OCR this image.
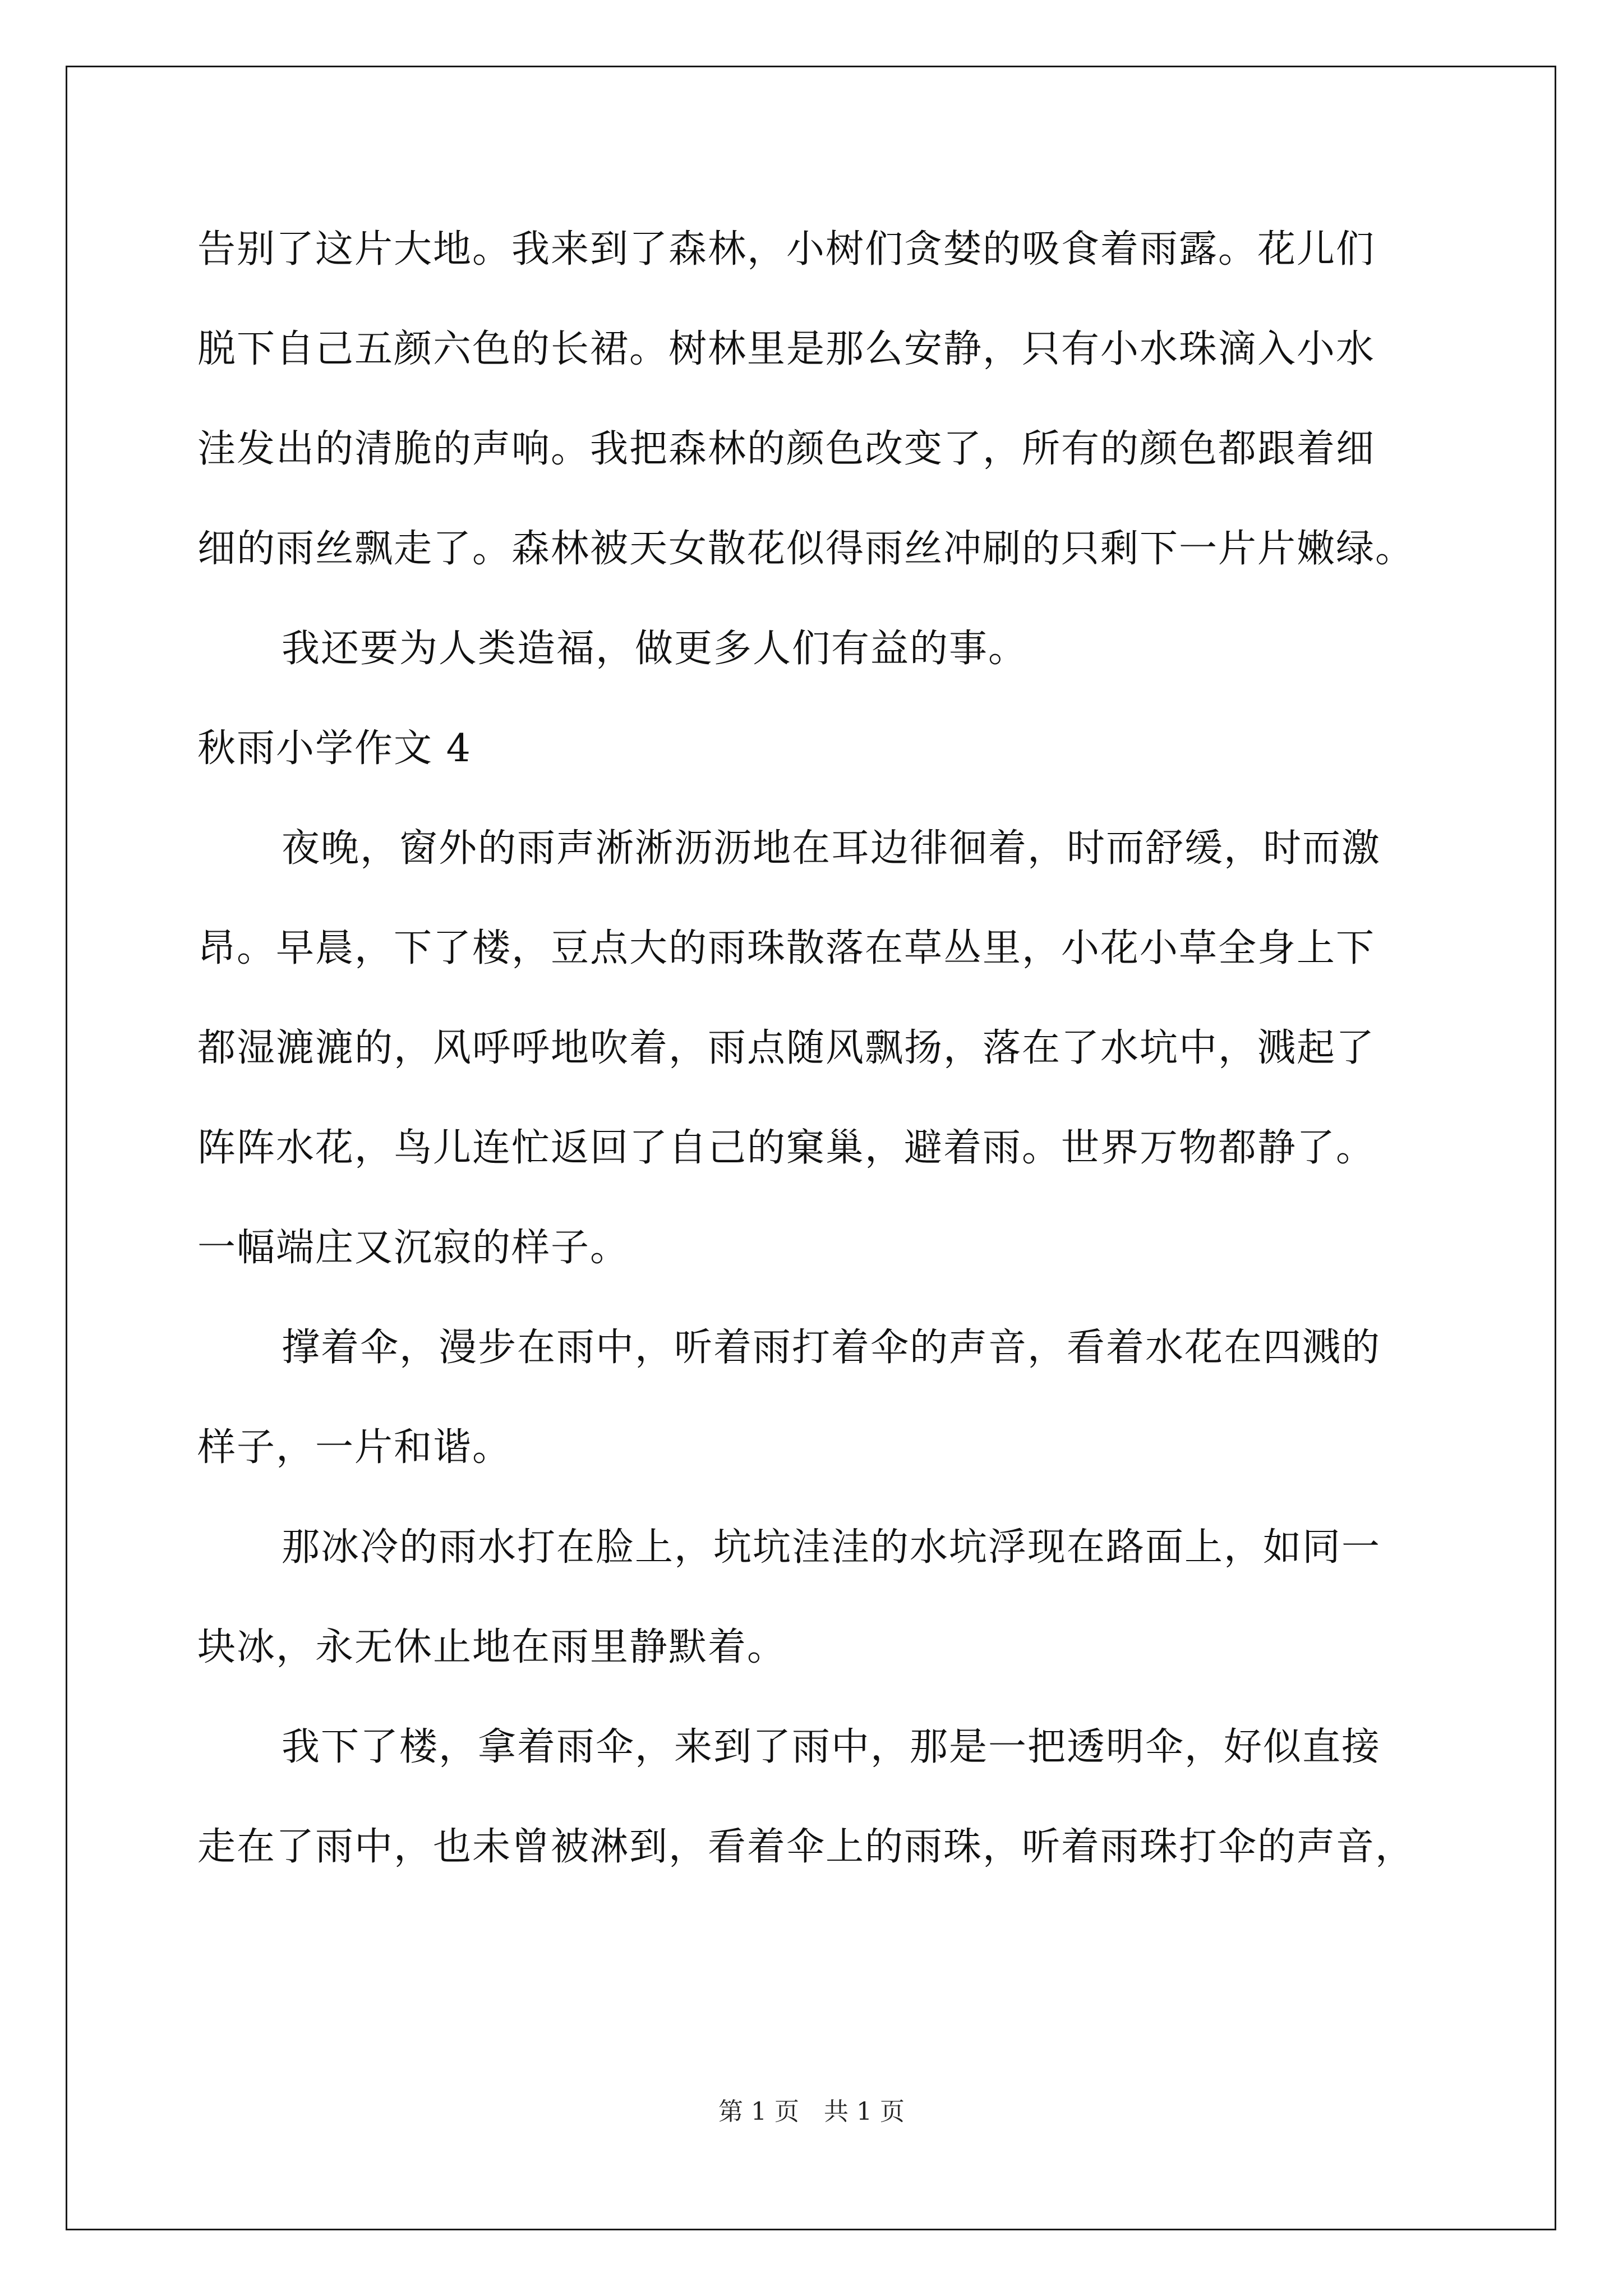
告别了这片大地。我来到了森林，小树们贪婪的吸食着雨露。花儿们
脱下自己五颜六色的长裙。树林里是那么安静，只有小水珠滴入小水
洼发出的清脆的声响。我把森林的颜色改变了，所有的颜色都跟着细
细的雨丝飘走了。森林被天女散花似得雨丝冲刷的只剩下一片片嫩绿。
我还要为人类造福，做更多人们有益的事。
秋雨小学作文 4
夜晚，窗外的雨声淅淅沥沥地在耳边徘徊着，时而舒缓，时而激
昂。早晨，下了楼，豆点大的雨珠散落在草丛里，小花小草全身上下
都湿漉漉的，风呼呼地吹着，雨点随风飘扬，落在了水坑中，溅起了
阵阵水花，鸟儿连忙返回了自己的窠巢，避着雨。世界万物都静了。
一幅端庄又沉寂的样子。
撑着伞，漫步在雨中，听着雨打着伞的声音，看着水花在四溅的
样子，一片和谐。
那冰冷的雨水打在脸上，坑坑洼洼的水坑浮现在路面上，如同一
块冰，永无休止地在雨里静默着。
我下了楼，拿着雨伞，来到了雨中，那是一把透明伞，好似直接
走在了雨中，也未曾被淋到，看着伞上的雨珠，听着雨珠打伞的声音，
第 1 页　共 1 页
